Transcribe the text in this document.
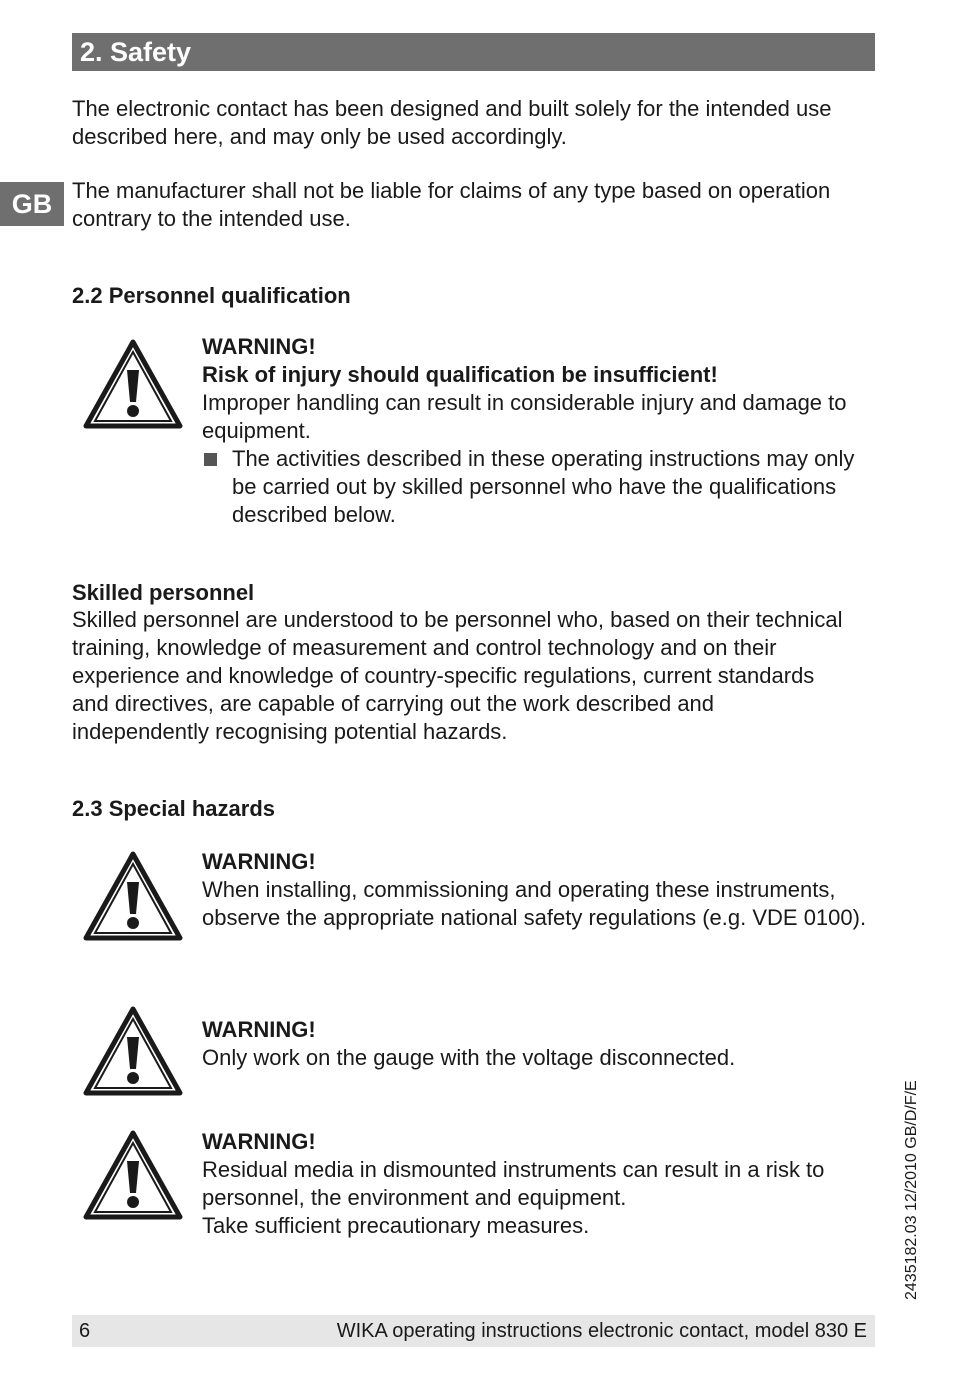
2. Safety
GB

The electronic contact has been designed and built solely for the intended use described here, and may only be used accordingly.

The manufacturer shall not be liable for claims of any type based on operation contrary to the intended use.

2.2 Personnel qualification

WARNING!
Risk of injury should qualification be insufficient!
Improper handling can result in considerable injury and damage to equipment.
The activities described in these operating instructions may only be carried out by skilled personnel who have the qualifications described below.

Skilled personnel

Skilled personnel are understood to be personnel who, based on their technical training, knowledge of measurement and control technology and on their experience and knowledge of country-specific regulations, current standards and directives, are capable of carrying out the work described and independently recognising potential hazards.

2.3 Special hazards

WARNING!
When installing, commissioning and operating these instruments, observe the appropriate national safety regulations (e.g. VDE 0100).
WARNING!
Only work on the gauge with the voltage disconnected.
WARNING!
Residual media in dismounted instruments can result in a risk to personnel, the environment and equipment.
Take sufficient precautionary measures.	2435182.03 12/2010 GB/D/F/E
6	WIKA operating instructions electronic contact, model 830 E
